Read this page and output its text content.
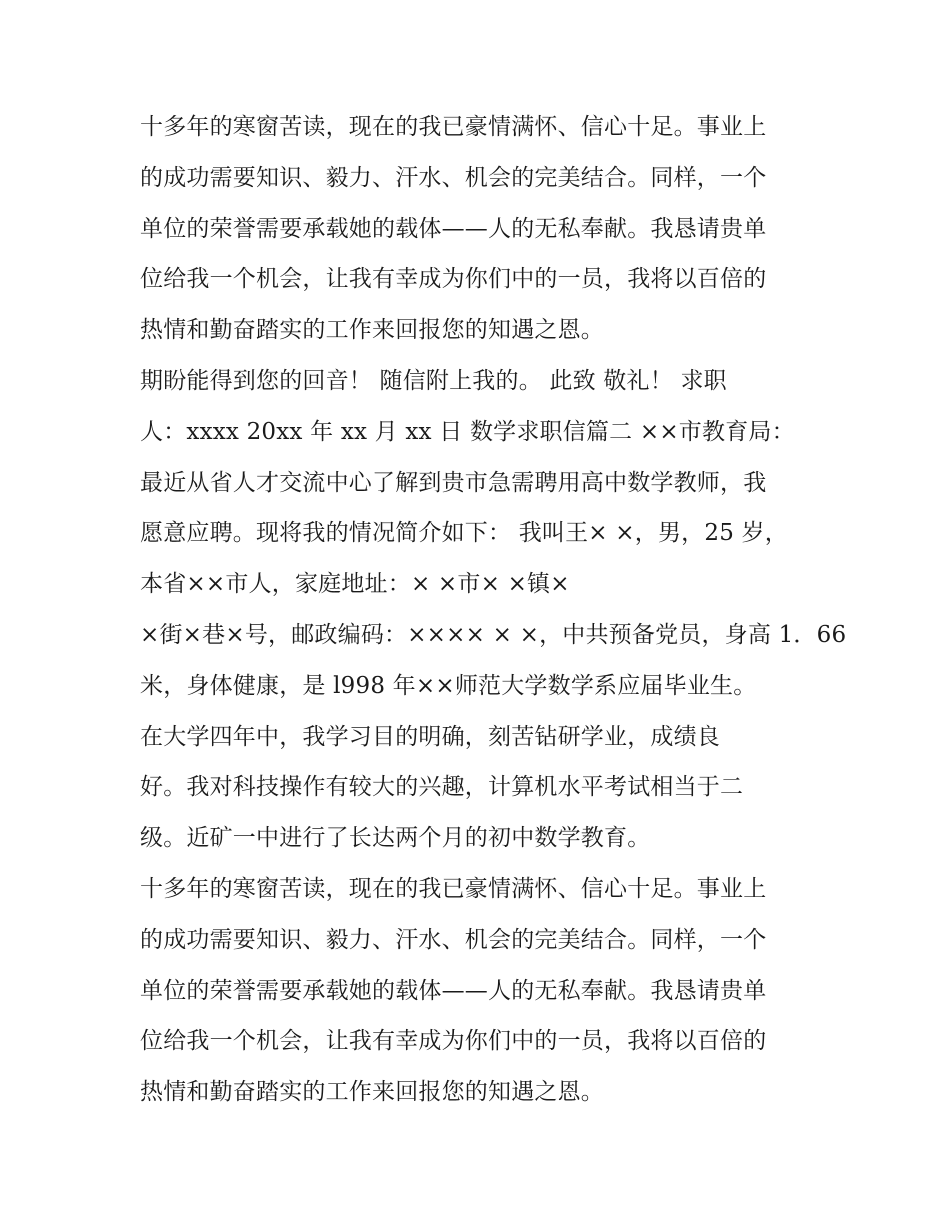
十多年的寒窗苦读，现在的我已豪情满怀、信心十足。事业上
的成功需要知识、毅力、汗水、机会的完美结合。同样，一个
单位的荣誉需要承载她的载体——人的无私奉献。我恳请贵单
位给我一个机会，让我有幸成为你们中的一员，我将以百倍的
热情和勤奋踏实的工作来回报您的知遇之恩。
期盼能得到您的回音！ 随信附上我的。 此致 敬礼！ 求职
人：xxxx 20xx 年 xx 月 xx 日 数学求职信篇二 ××市教育局：
最近从省人才交流中心了解到贵市急需聘用高中数学教师，我
愿意应聘。现将我的情况简介如下： 我叫王× ×，男，25 岁，
本省××市人，家庭地址：× ×市× ×镇×
×街×巷×号，邮政编码：×××× × ×，中共预备党员，身高 1．66
米，身体健康，是 l998 年××师范大学数学系应届毕业生。
在大学四年中，我学习目的明确，刻苦钻研学业，成绩良
好。我对科技操作有较大的兴趣，计算机水平考试相当于二
级。近矿一中进行了长达两个月的初中数学教育。
十多年的寒窗苦读，现在的我已豪情满怀、信心十足。事业上
的成功需要知识、毅力、汗水、机会的完美结合。同样，一个
单位的荣誉需要承载她的载体——人的无私奉献。我恳请贵单
位给我一个机会，让我有幸成为你们中的一员，我将以百倍的
热情和勤奋踏实的工作来回报您的知遇之恩。
